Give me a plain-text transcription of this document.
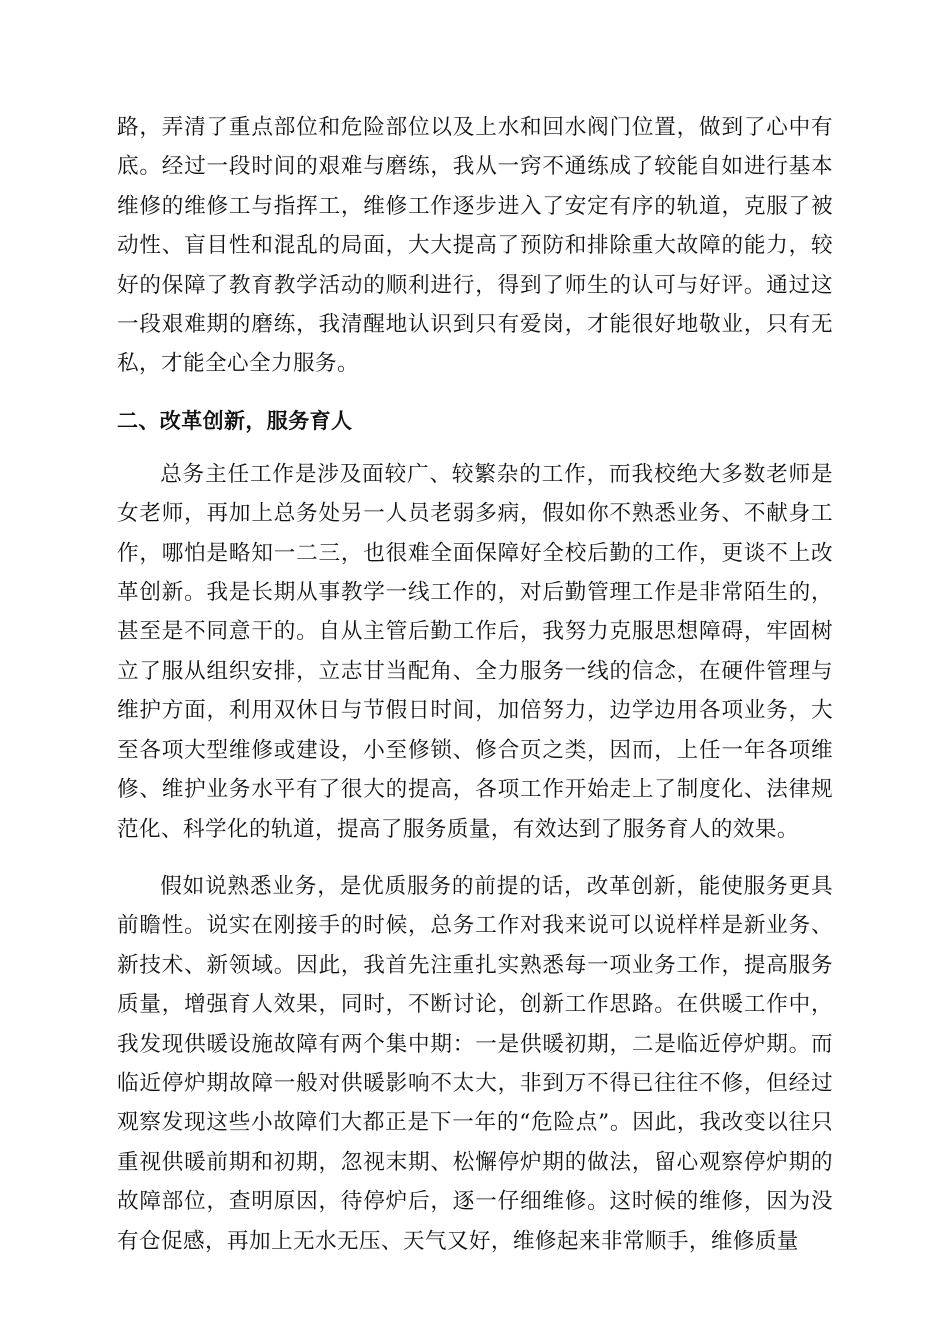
路，弄清了重点部位和危险部位以及上水和回水阀门位置，做到了心中有底。经过一段时间的艰难与磨练，我从一窍不通练成了较能自如进行基本维修的维修工与指挥工，维修工作逐步进入了安定有序的轨道，克服了被动性、盲目性和混乱的局面，大大提高了预防和排除重大故障的能力，较好的保障了教育教学活动的顺利进行，得到了师生的认可与好评。通过这一段艰难期的磨练，我清醒地认识到只有爱岗，才能很好地敬业，只有无私，才能全心全力服务。

二、改革创新，服务育人

总务主任工作是涉及面较广、较繁杂的工作，而我校绝大多数老师是女老师，再加上总务处另一人员老弱多病，假如你不熟悉业务、不献身工作，哪怕是略知一二三，也很难全面保障好全校后勤的工作，更谈不上改革创新。我是长期从事教学一线工作的，对后勤管理工作是非常陌生的，甚至是不同意干的。自从主管后勤工作后，我努力克服思想障碍，牢固树立了服从组织安排，立志甘当配角、全力服务一线的信念，在硬件管理与维护方面，利用双休日与节假日时间，加倍努力，边学边用各项业务，大至各项大型维修或建设，小至修锁、修合页之类，因而，上任一年各项维修、维护业务水平有了很大的提高，各项工作开始走上了制度化、法律规范化、科学化的轨道，提高了服务质量，有效达到了服务育人的效果。

假如说熟悉业务，是优质服务的前提的话，改革创新，能使服务更具前瞻性。说实在刚接手的时候，总务工作对我来说可以说样样是新业务、新技术、新领域。因此，我首先注重扎实熟悉每一项业务工作，提高服务质量，增强育人效果，同时，不断讨论，创新工作思路。在供暖工作中，我发现供暖设施故障有两个集中期：一是供暖初期，二是临近停炉期。而临近停炉期故障一般对供暖影响不太大，非到万不得已往往不修，但经过观察发现这些小故障们大都正是下一年的“危险点”。因此，我改变以往只重视供暖前期和初期，忽视末期、松懈停炉期的做法，留心观察停炉期的故障部位，查明原因，待停炉后，逐一仔细维修。这时候的维修，因为没有仓促感，再加上无水无压、天气又好，维修起来非常顺手，维修质量
